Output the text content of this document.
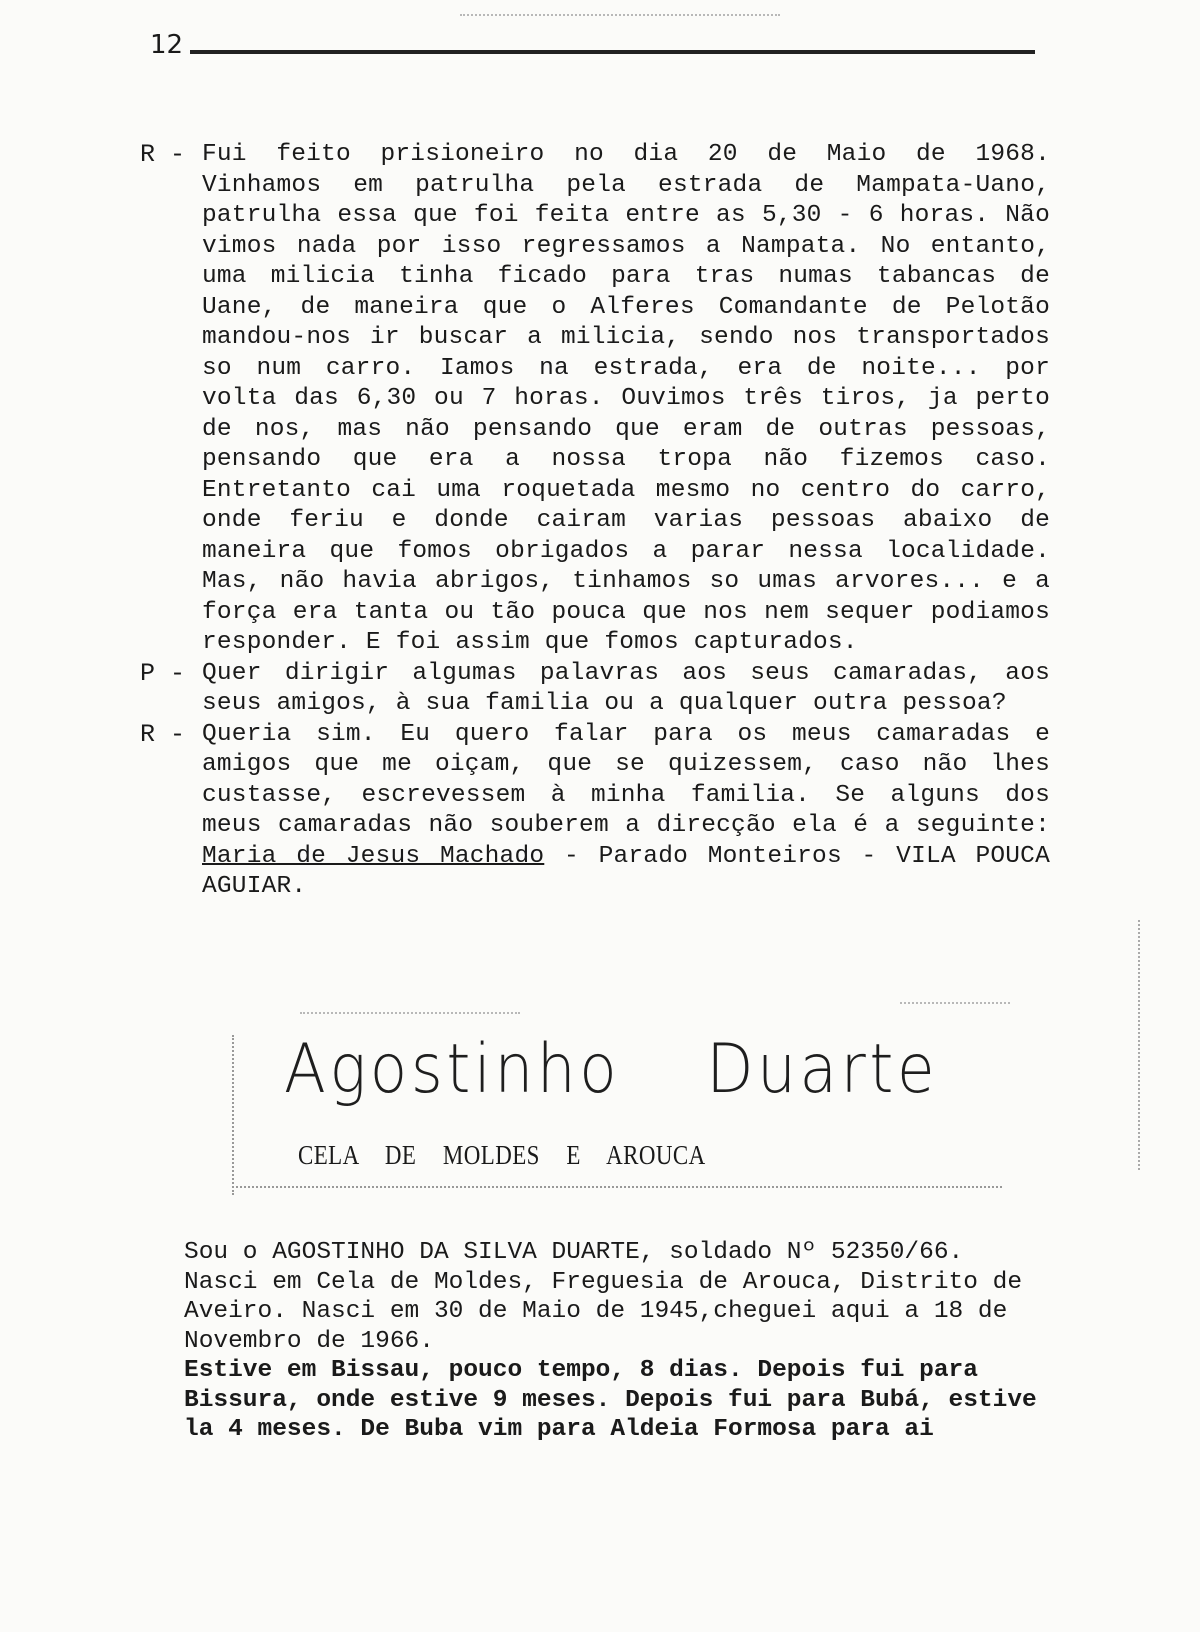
12
R - Fui feito prisioneiro no dia 20 de Maio de 1968. Vinhamos em patrulha pela estrada de Mampata-Uano, patrulha essa que foi feita entre as 5,30 - 6 horas. Não vimos nada por isso regressamos a Nampata. No entanto, uma milicia tinha ficado para tras numas tabancas de Uane, de maneira que o Alferes Comandante de Pelotão mandou-nos ir buscar a milicia, sendo nos transportados so num carro. Iamos na estrada, era de noite... por volta das 6,30 ou 7 horas. Ouvimos três tiros, ja perto de nos, mas não pensando que eram de outras pessoas, pensando que era a nossa tropa não fizemos caso. Entretanto cai uma roquetada mesmo no centro do carro, onde feriu e donde cairam varias pessoas abaixo de maneira que fomos obrigados a parar nessa localidade. Mas, não havia abrigos, tinhamos so umas arvores... e a força era tanta ou tão pouca que nos nem sequer podiamos responder. E foi assim que fomos capturados.
P - Quer dirigir algumas palavras aos seus camaradas, aos seus amigos, à sua familia ou a qualquer outra pessoa?
R - Queria sim. Eu quero falar para os meus camaradas e amigos que me oiçam, que se quizessem, caso não lhes custasse, escrevessem à minha familia. Se alguns dos meus camaradas não souberem a direcção ela é a seguinte: Maria de Jesus Machado - Parado Monteiros - VILA POUCA AGUIAR.
Agostinho Duarte
CELA DE MOLDES E AROUCA

Sou o AGOSTINHO DA SILVA DUARTE, soldado Nº 52350/66. Nasci em Cela de Moldes, Freguesia de Arouca, Distrito de Aveiro. Nasci em 30 de Maio de 1945,cheguei aqui a 18 de Novembro de 1966.

Estive em Bissau, pouco tempo, 8 dias. Depois fui para Bissura, onde estive 9 meses. Depois fui para Bubá, estive la 4 meses. De Buba vim para Aldeia Formosa para ai
